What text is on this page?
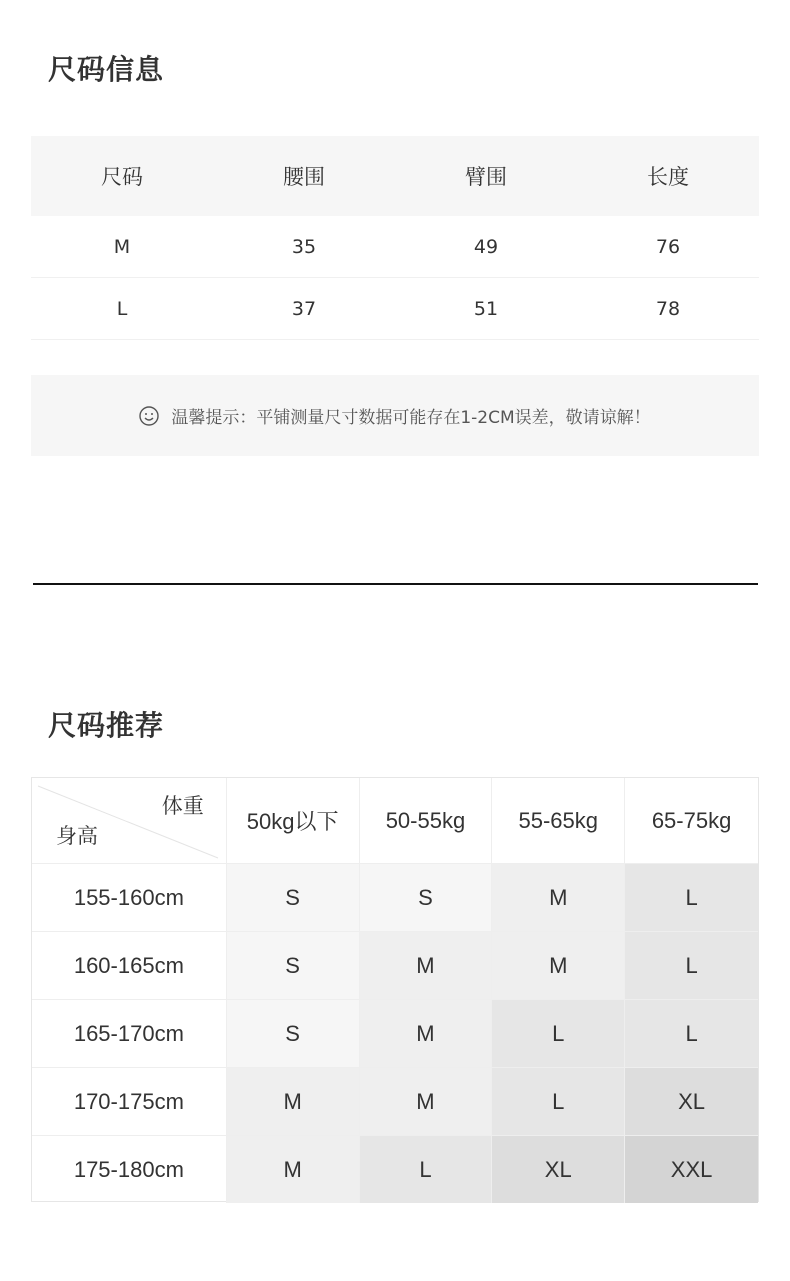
尺码信息
尺码	腰围	臂围	长度
M	35	49	76
L	37	51	78
温馨提示：平铺测量尺寸数据可能存在1-2CM误差，敬请谅解！
尺码推荐
体重
身高
50kg以下	50-55kg	55-65kg	65-75kg
155-160cm	S	S	M	L
160-165cm	S	M	M	L
165-170cm	S	M	L	L
170-175cm	M	M	L	XL
175-180cm	M	L	XL	XXL
